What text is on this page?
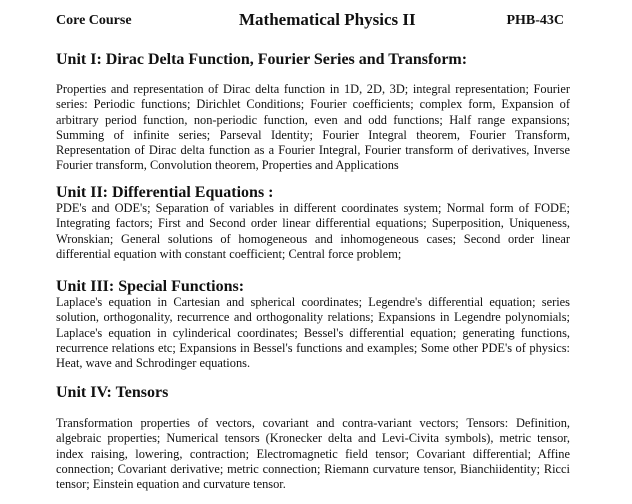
Core Course	Mathematical Physics II	PHB-43C
Unit I: Dirac Delta Function, Fourier Series and Transform:

Properties and representation of Dirac delta function in 1D, 2D, 3D; integral representation; Fourier series: Periodic functions; Dirichlet Conditions; Fourier coefficients; complex form, Expansion of arbitrary period function, non-periodic function, even and odd functions; Half range expansions; Summing of infinite series; Parseval Identity; Fourier Integral theorem, Fourier Transform, Representation of Dirac delta function as a Fourier Integral, Fourier transform of derivatives, Inverse Fourier transform, Convolution theorem, Properties and Applications

Unit II: Differential Equations :

PDE's and ODE's; Separation of variables in different coordinates system; Normal form of FODE; Integrating factors; First and Second order linear differential equations; Superposition, Uniqueness, Wronskian; General solutions of homogeneous and inhomogeneous cases; Second order linear differential equation with constant coefficient; Central force problem;

Unit III: Special Functions:

Laplace's equation in Cartesian and spherical coordinates; Legendre's differential equation; series solution, orthogonality, recurrence and orthogonality relations; Expansions in Legendre polynomials; Laplace's equation in cylinderical coordinates; Bessel's differential equation; generating functions, recurrence relations etc; Expansions in Bessel's functions and examples; Some other PDE's of physics: Heat, wave and Schrodinger equations.

Unit IV: Tensors

Transformation properties of vectors, covariant and contra-variant vectors; Tensors: Definition, algebraic properties; Numerical tensors (Kronecker delta and Levi-Civita symbols), metric tensor, index raising, lowering, contraction; Electromagnetic field tensor; Covariant differential; Affine connection; Covariant derivative; metric connection; Riemann curvature tensor, Bianchiidentity; Ricci tensor; Einstein equation and curvature tensor.
